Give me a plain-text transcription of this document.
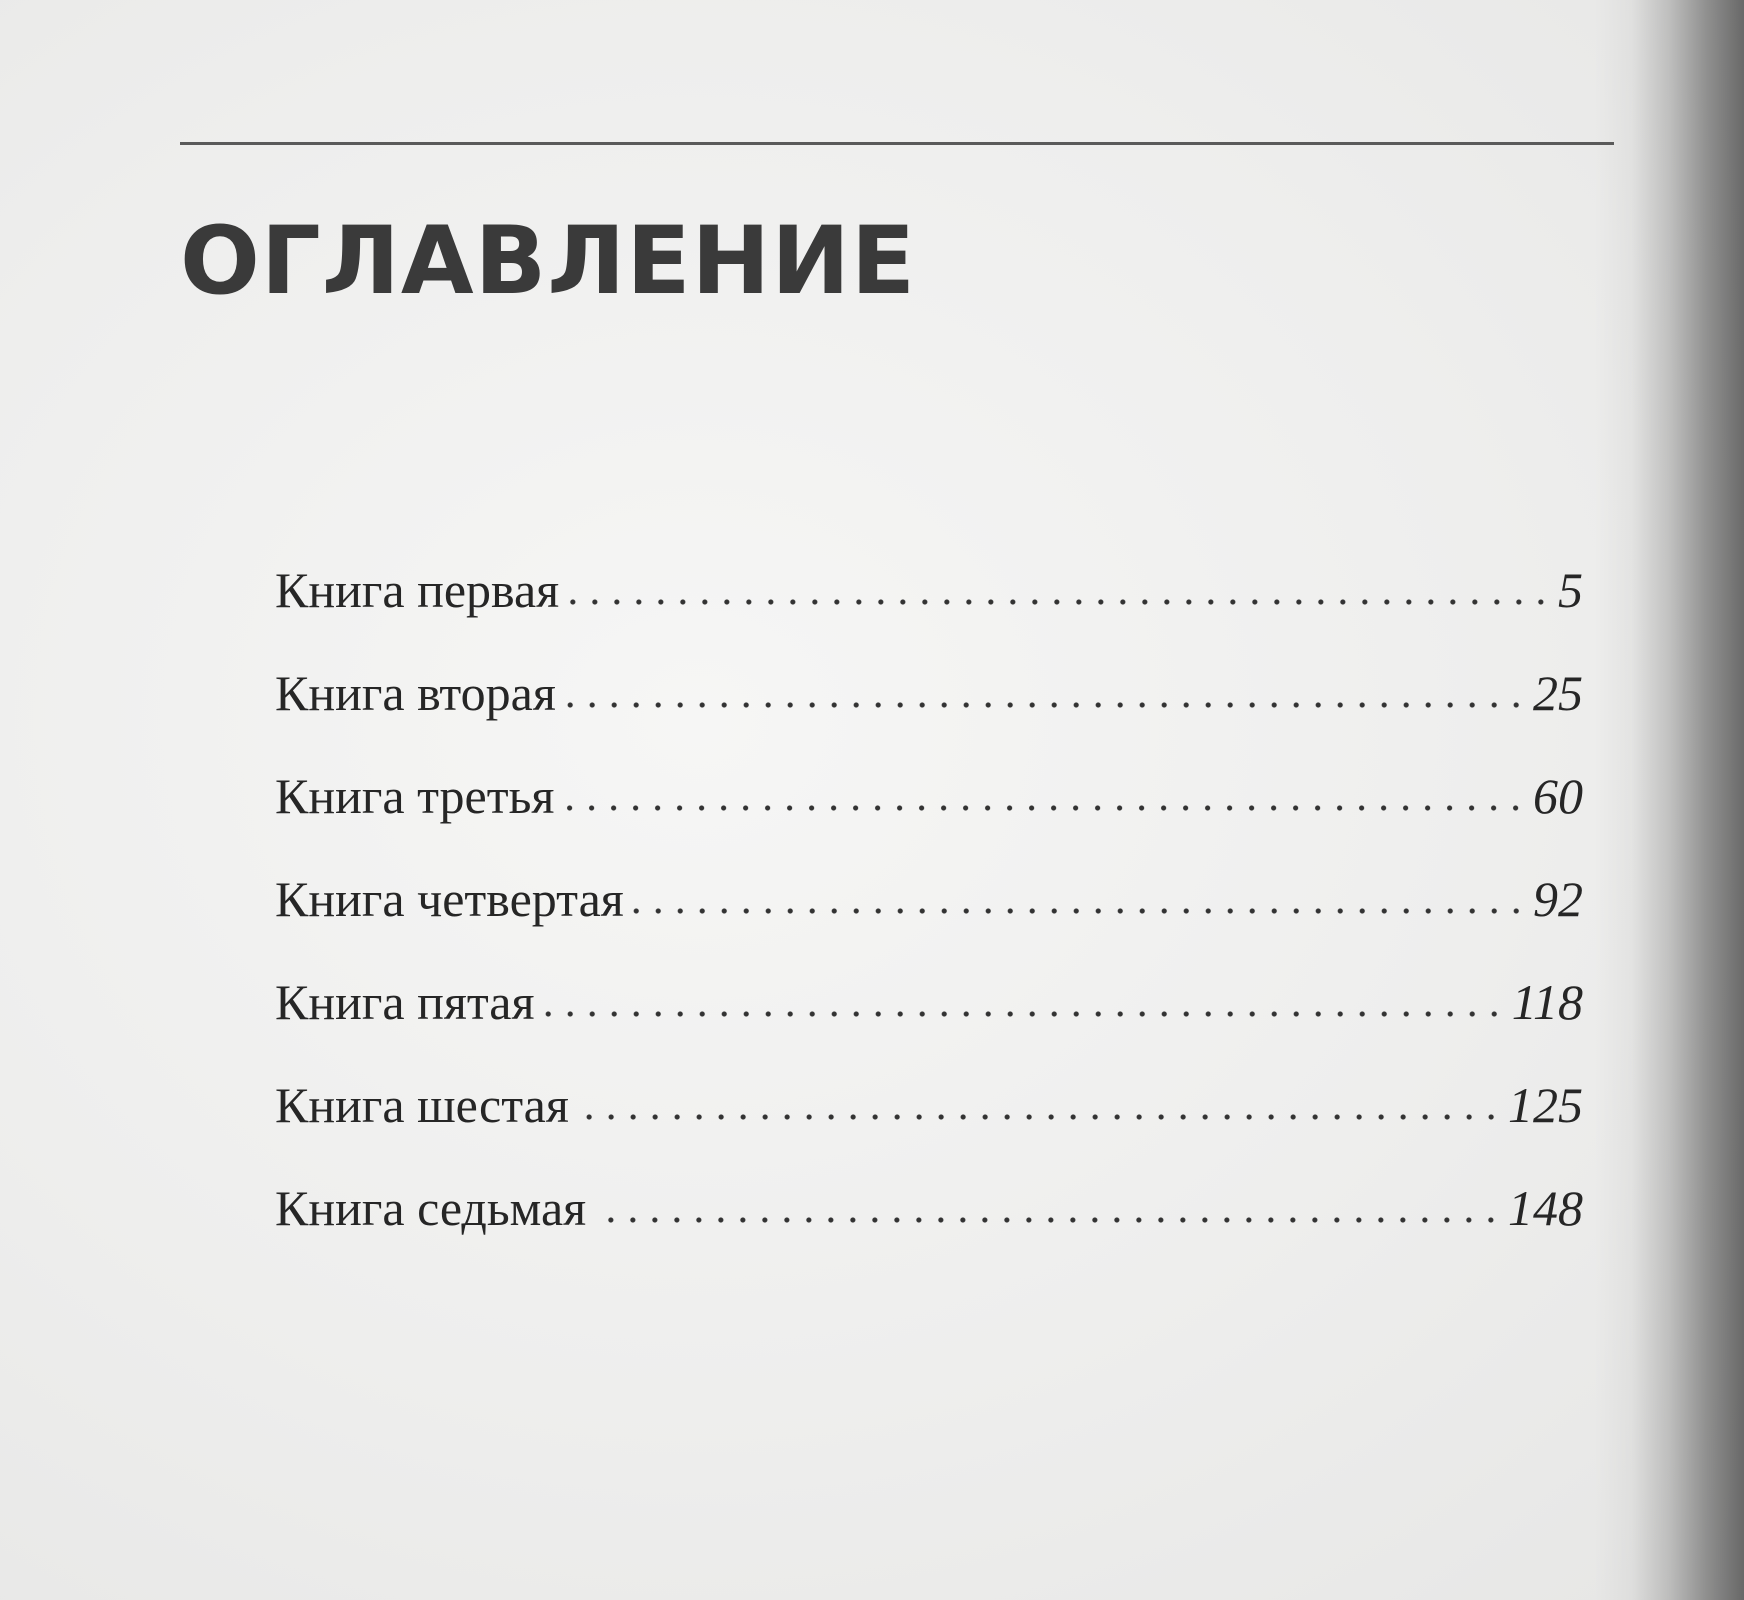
ОГЛАВЛЕНИЕ
Книга первая	5
Книга вторая	25
Книга третья	60
Книга четвертая	92
Книга пятая	118
Книга шестая	125
Книга седьмая	148
